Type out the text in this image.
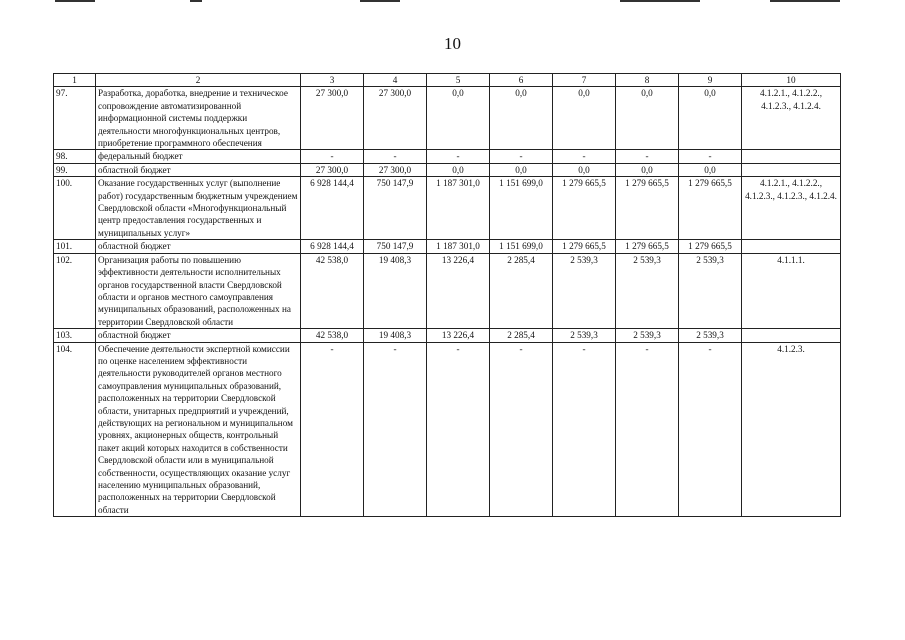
10
1	2	3	4	5	6	7	8	9	10
97.	Разработка, доработка, внедрение и техническое сопровождение автоматизированной информационной системы поддержки деятельности многофункциональных центров, приобретение программного обеспечения	27 300,0	27 300,0	0,0	0,0	0,0	0,0	0,0	4.1.2.1., 4.1.2.2., 4.1.2.3., 4.1.2.4.
98.	федеральный бюджет	-	-	-	-	-	-	-	
99.	областной бюджет	27 300,0	27 300,0	0,0	0,0	0,0	0,0	0,0	
100.	Оказание государственных услуг (выполнение работ) государственным бюджетным учреждением Свердловской области «Многофункциональный центр предоставления государственных и муниципальных услуг»	6 928 144,4	750 147,9	1 187 301,0	1 151 699,0	1 279 665,5	1 279 665,5	1 279 665,5	4.1.2.1., 4.1.2.2., 4.1.2.3., 4.1.2.3., 4.1.2.4.
101.	областной бюджет	6 928 144,4	750 147,9	1 187 301,0	1 151 699,0	1 279 665,5	1 279 665,5	1 279 665,5	
102.	Организация работы по повышению эффективности деятельности исполнительных органов государственной власти Свердловской области и органов местного самоуправления муниципальных образований, расположенных на территории Свердловской области	42 538,0	19 408,3	13 226,4	2 285,4	2 539,3	2 539,3	2 539,3	4.1.1.1.
103.	областной бюджет	42 538,0	19 408,3	13 226,4	2 285,4	2 539,3	2 539,3	2 539,3	
104.	Обеспечение деятельности экспертной комиссии по оценке населением эффективности деятельности руководителей органов местного самоуправления муниципальных образований, расположенных на территории Свердловской области, унитарных предприятий и учреждений, действующих на региональном и муниципальном уровнях, акционерных обществ, контрольный пакет акций которых находится в собственности Свердловской области или в муниципальной собственности, осуществляющих оказание услуг населению муниципальных образований, расположенных на территории Свердловской области	-	-	-	-	-	-	-	4.1.2.3.
